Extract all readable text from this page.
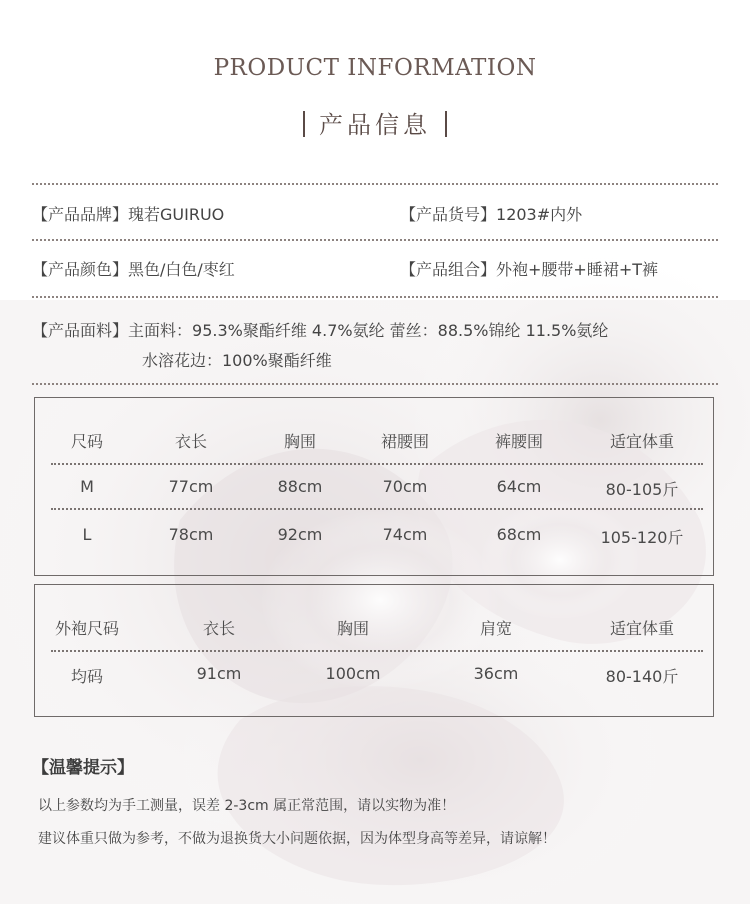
PRODUCT INFORMATION
产品信息
【产品品牌】瑰若GUIRUO	【产品货号】1203#内外
【产品颜色】黑色/白色/枣红	【产品组合】外袍+腰带+睡裙+T裤
【产品面料】主面料：95.3%聚酯纤维 4.7%氨纶 蕾丝：88.5%锦纶 11.5%氨纶
水溶花边：100%聚酯纤维
尺码	衣长	胸围	裙腰围	裤腰围	适宜体重
M	77cm	88cm	70cm	64cm	80-105斤
L	78cm	92cm	74cm	68cm	105-120斤
外袍尺码	衣长	胸围	肩宽	适宜体重
均码	91cm	100cm	36cm	80-140斤
【温馨提示】
以上参数均为手工测量，误差 2-3cm 属正常范围，请以实物为准！
建议体重只做为参考，不做为退换货大小问题依据，因为体型身高等差异，请谅解！
